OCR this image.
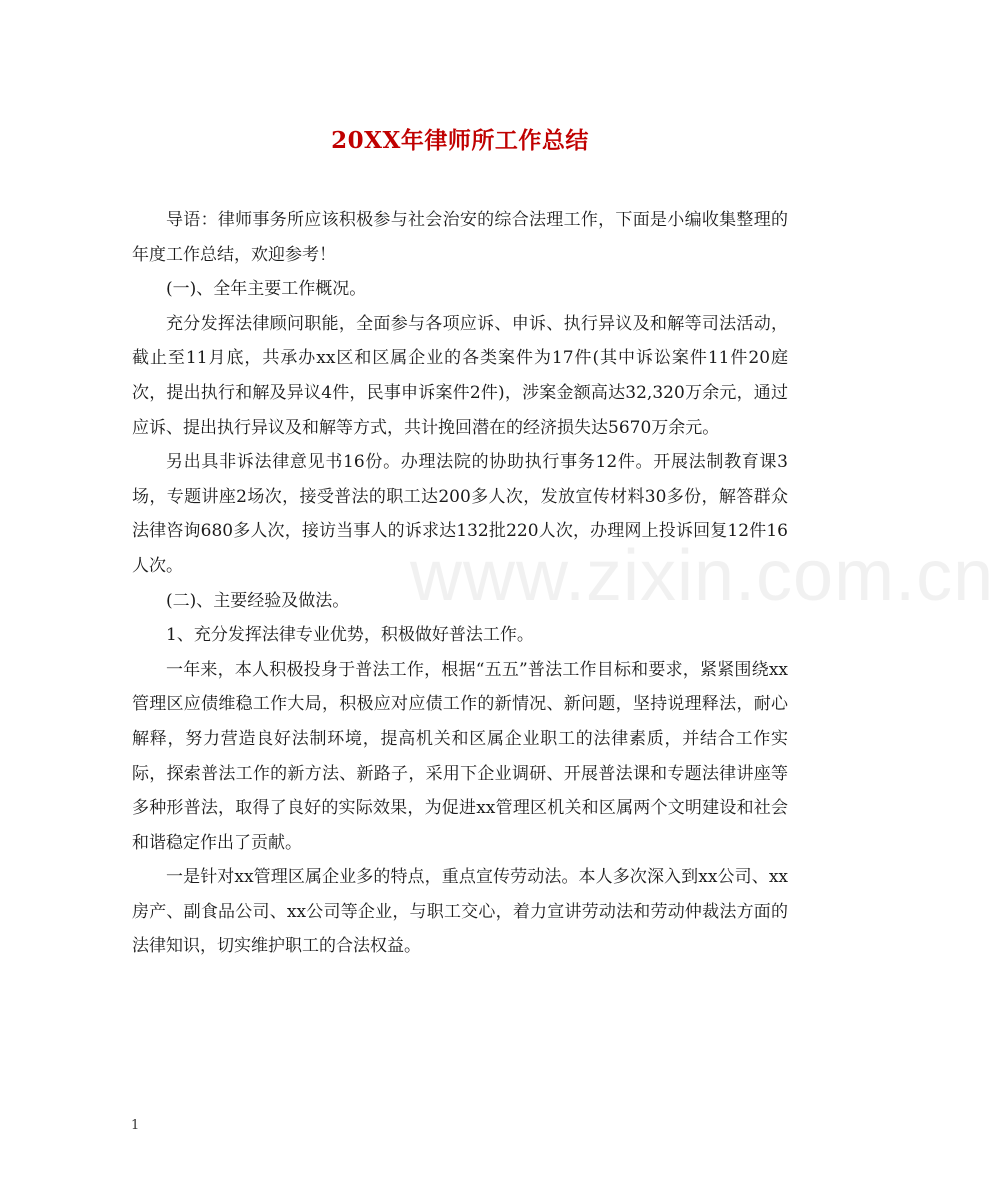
20XX年律师所工作总结

导语：律师事务所应该积极参与社会治安的综合法理工作，下面是小编收集整理的年度工作总结，欢迎参考！

(一)、全年主要工作概况。

充分发挥法律顾问职能，全面参与各项应诉、申诉、执行异议及和解等司法活动，截止至11月底，共承办xx区和区属企业的各类案件为17件(其中诉讼案件11件20庭次，提出执行和解及异议4件，民事申诉案件2件)，涉案金额高达32,320万余元，通过应诉、提出执行异议及和解等方式，共计挽回潜在的经济损失达5670万余元。

另出具非诉法律意见书16份。办理法院的协助执行事务12件。开展法制教育课3场，专题讲座2场次，接受普法的职工达200多人次，发放宣传材料30多份，解答群众法律咨询680多人次，接访当事人的诉求达132批220人次，办理网上投诉回复12件16人次。

(二)、主要经验及做法。

1、充分发挥法律专业优势，积极做好普法工作。

一年来，本人积极投身于普法工作，根据“五五”普法工作目标和要求，紧紧围绕xx管理区应债维稳工作大局，积极应对应债工作的新情况、新问题，坚持说理释法，耐心解释，努力营造良好法制环境，提高机关和区属企业职工的法律素质，并结合工作实际，探索普法工作的新方法、新路子，采用下企业调研、开展普法课和专题法律讲座等多种形普法，取得了良好的实际效果，为促进xx管理区机关和区属两个文明建设和社会和谐稳定作出了贡献。

一是针对xx管理区属企业多的特点，重点宣传劳动法。本人多次深入到xx公司、xx房产、副食品公司、xx公司等企业，与职工交心，着力宣讲劳动法和劳动仲裁法方面的法律知识，切实维护职工的合法权益。

www.zixin.com.cn
1
